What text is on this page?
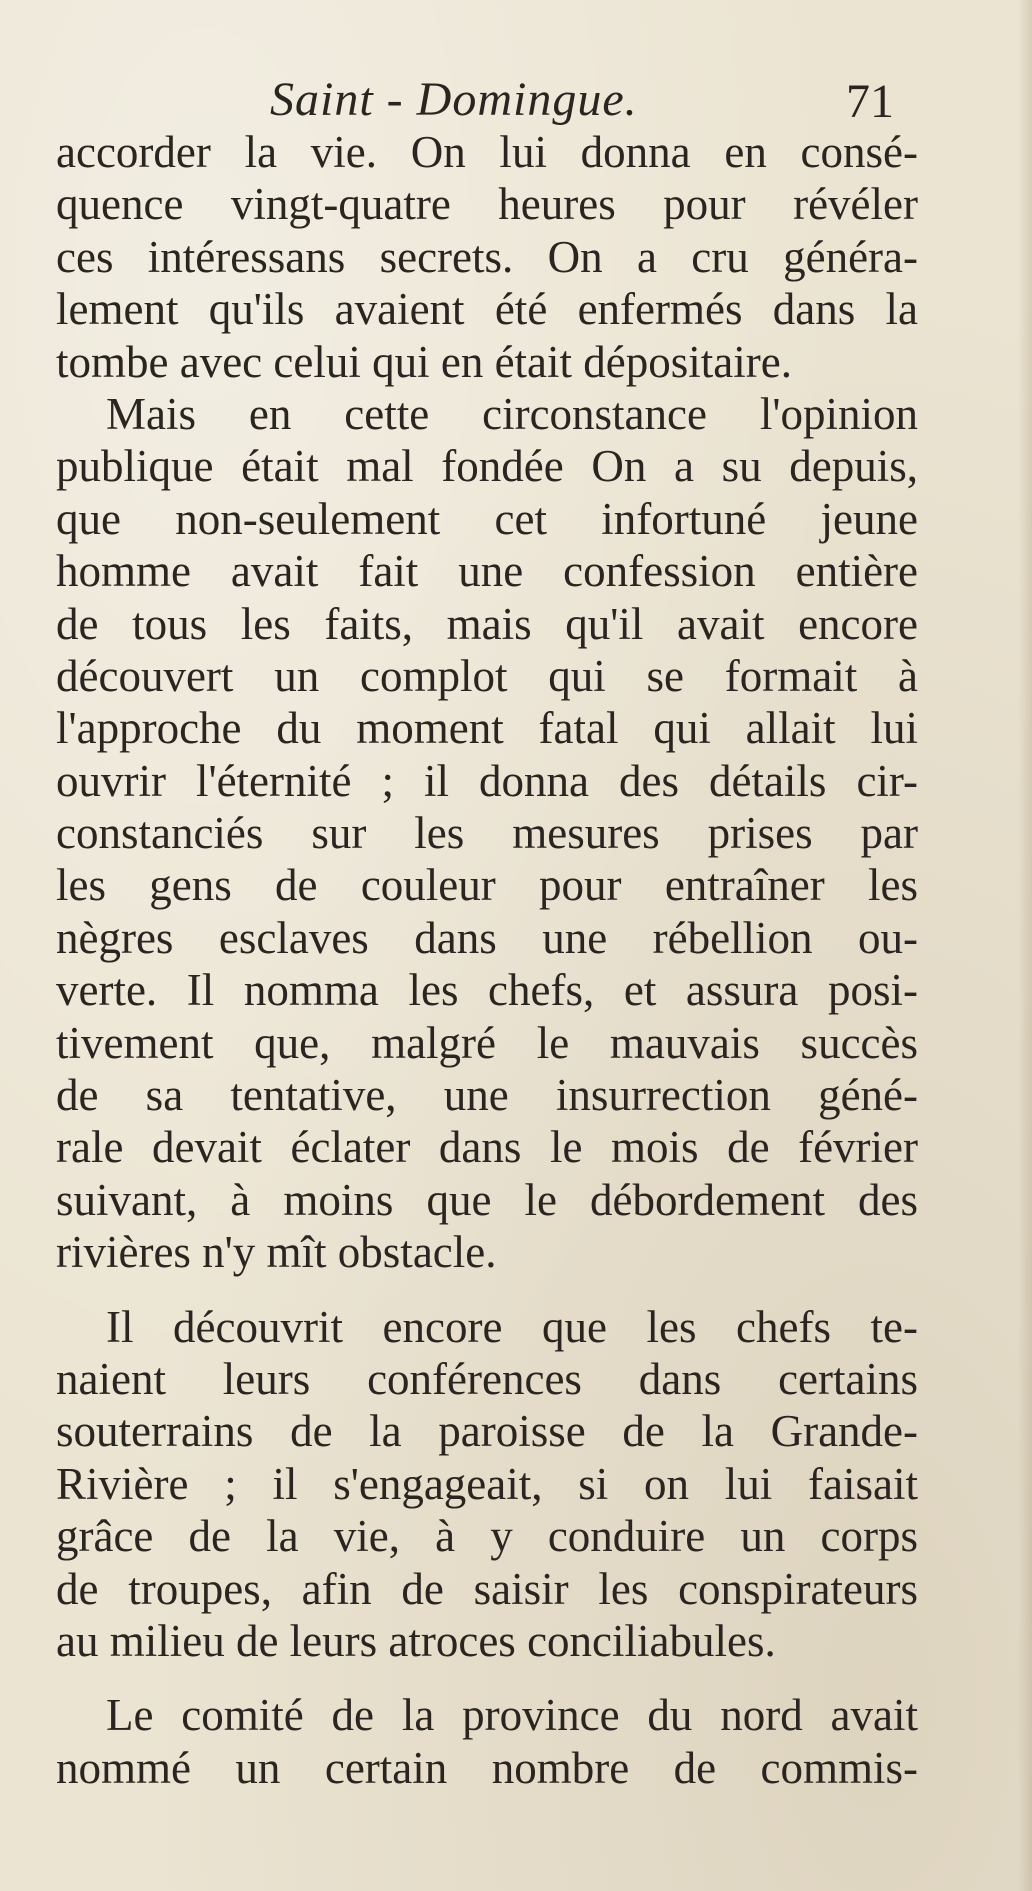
Saint - Domingue.	71
accorder la vie. On lui donna en consé-
quence vingt-quatre heures pour révéler
ces intéressans secrets. On a cru généra-
lement qu'ils avaient été enfermés dans la
tombe avec celui qui en était dépositaire.
Mais en cette circonstance l'opinion
publique était mal fondée On a su depuis,
que non-seulement cet infortuné jeune
homme avait fait une confession entière
de tous les faits, mais qu'il avait encore
découvert un complot qui se formait à
l'approche du moment fatal qui allait lui
ouvrir l'éternité ; il donna des détails cir-
constanciés sur les mesures prises par
les gens de couleur pour entraîner les
nègres esclaves dans une rébellion ou-
verte. Il nomma les chefs, et assura posi-
tivement que, malgré le mauvais succès
de sa tentative, une insurrection géné-
rale devait éclater dans le mois de février
suivant, à moins que le débordement des
rivières n'y mît obstacle.
Il découvrit encore que les chefs te-
naient leurs conférences dans certains
souterrains de la paroisse de la Grande-
Rivière ; il s'engageait, si on lui faisait
grâce de la vie, à y conduire un corps
de troupes, afin de saisir les conspirateurs
au milieu de leurs atroces conciliabules.
Le comité de la province du nord avait
nommé un certain nombre de commis-
